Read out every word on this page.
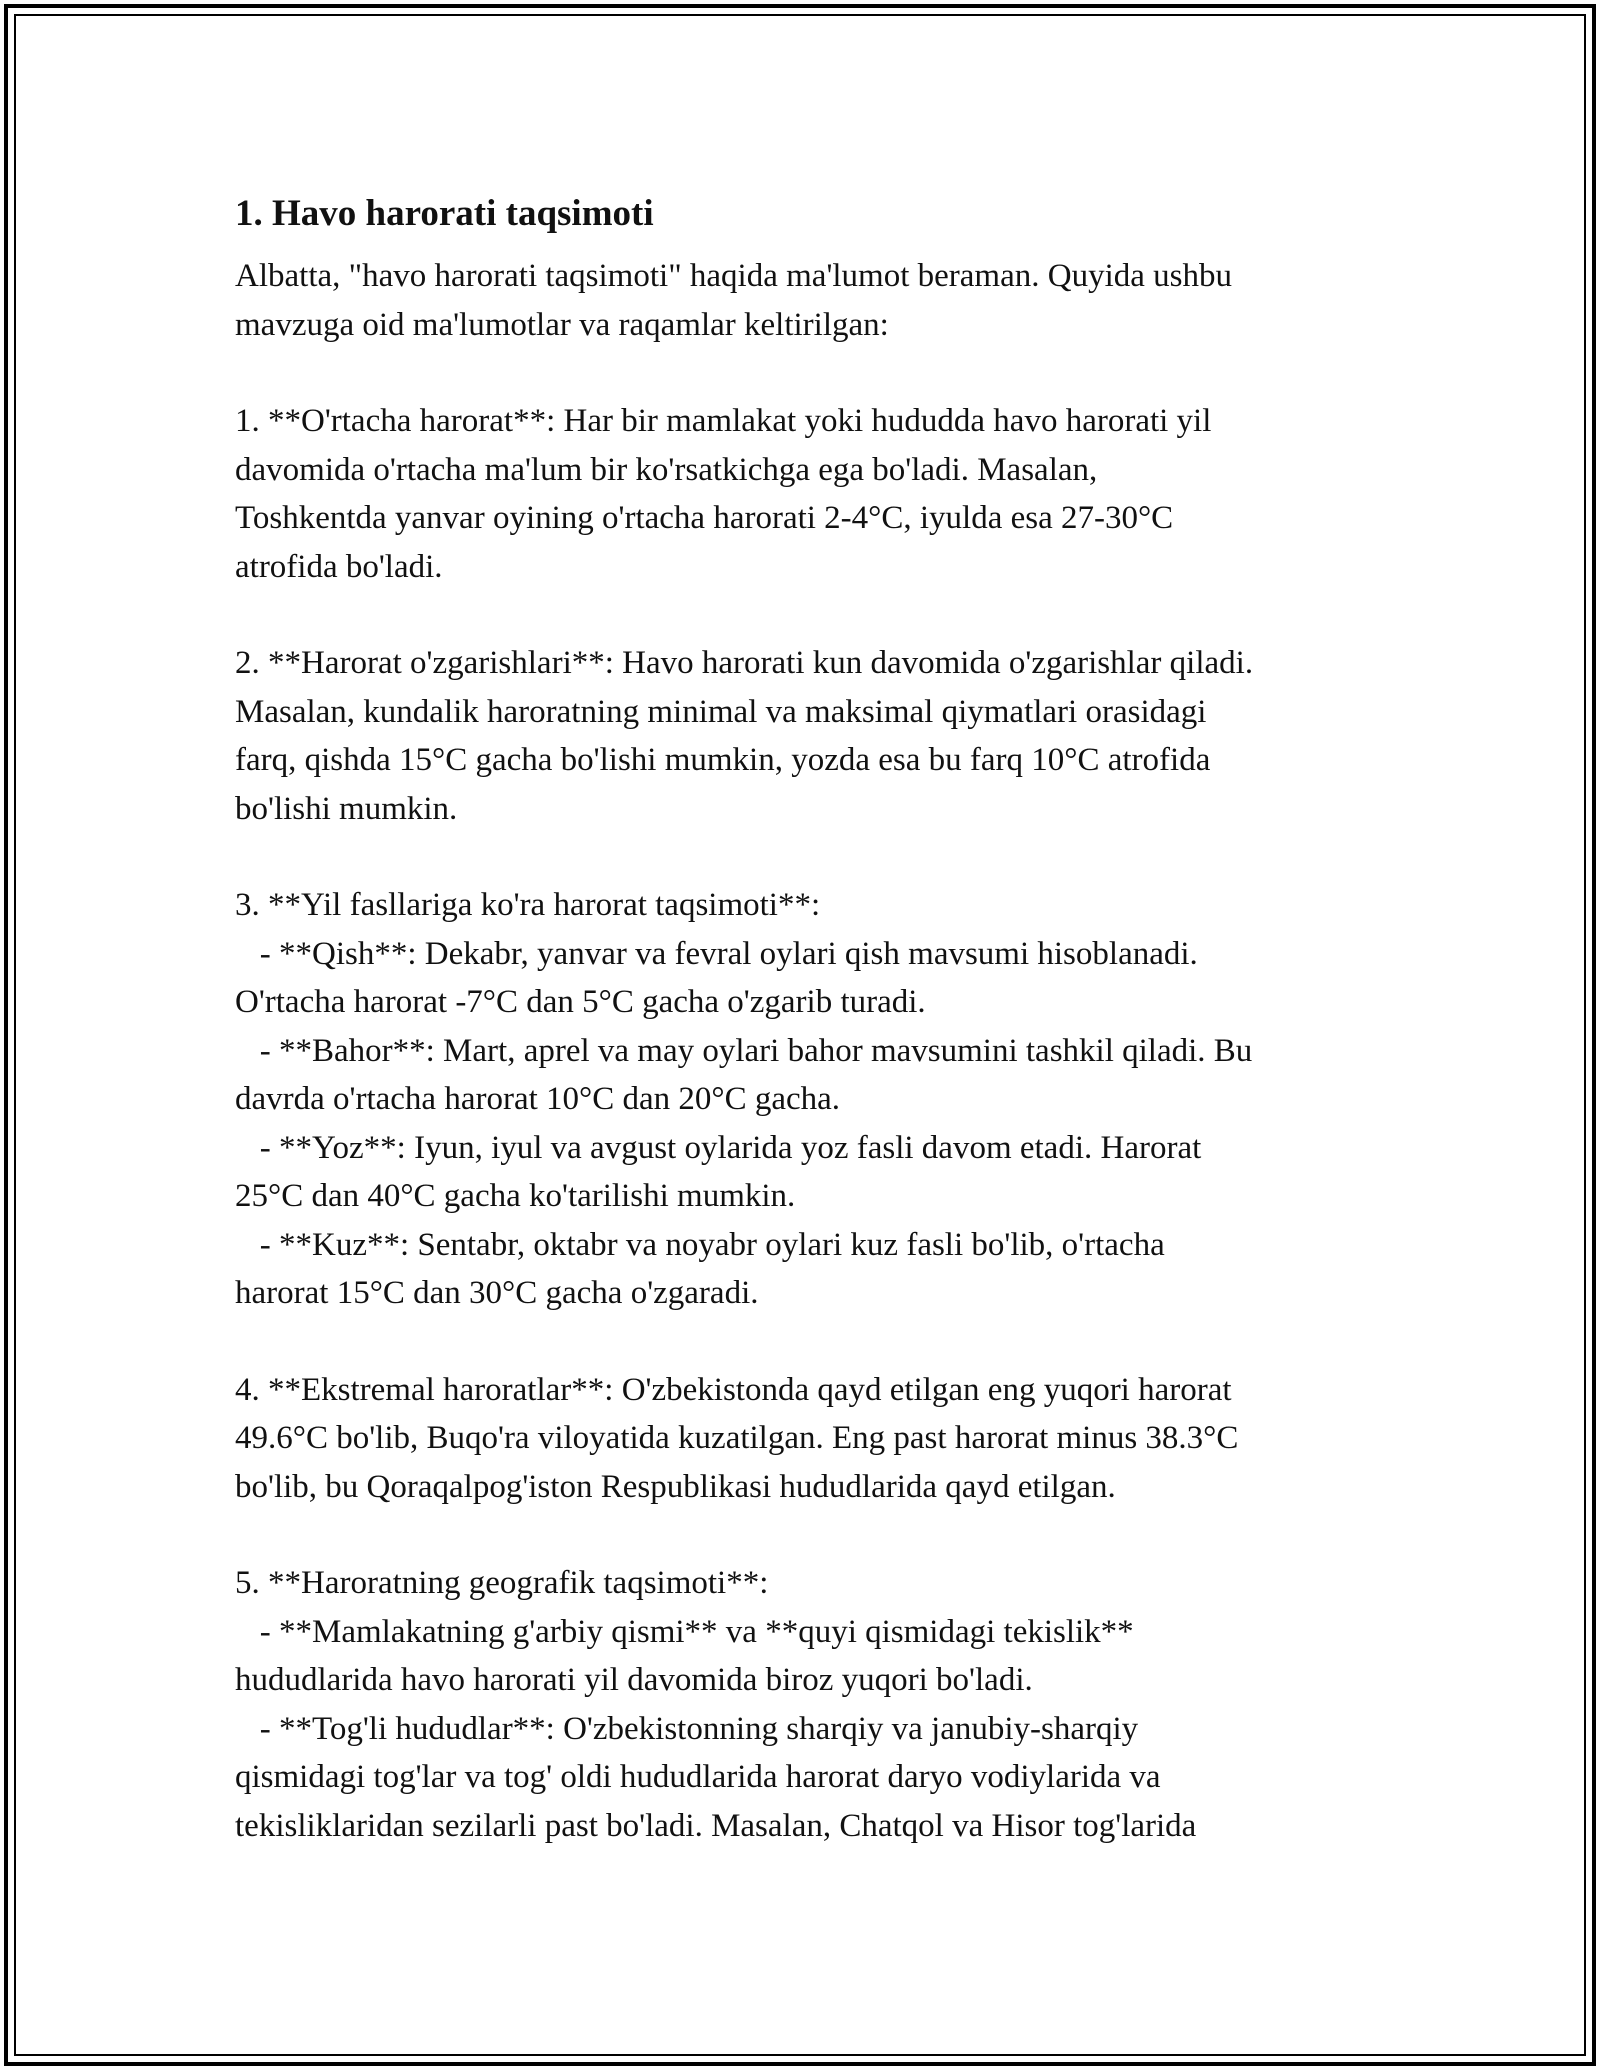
1. Havo harorati taqsimoti
Albatta, "havo harorati taqsimoti" haqida ma'lumot beraman. Quyida ushbu
mavzuga oid ma'lumotlar va raqamlar keltirilgan:
1. **O'rtacha harorat**: Har bir mamlakat yoki hududda havo harorati yil
davomida o'rtacha ma'lum bir ko'rsatkichga ega bo'ladi. Masalan,
Toshkentda yanvar oyining o'rtacha harorati 2-4°C, iyulda esa 27-30°C
atrofida bo'ladi.
2. **Harorat o'zgarishlari**: Havo harorati kun davomida o'zgarishlar qiladi.
Masalan, kundalik haroratning minimal va maksimal qiymatlari orasidagi
farq, qishda 15°C gacha bo'lishi mumkin, yozda esa bu farq 10°C atrofida
bo'lishi mumkin.
3. **Yil fasllariga ko'ra harorat taqsimoti**:
- **Qish**: Dekabr, yanvar va fevral oylari qish mavsumi hisoblanadi.
O'rtacha harorat -7°C dan 5°C gacha o'zgarib turadi.
- **Bahor**: Mart, aprel va may oylari bahor mavsumini tashkil qiladi. Bu
davrda o'rtacha harorat 10°C dan 20°C gacha.
- **Yoz**: Iyun, iyul va avgust oylarida yoz fasli davom etadi. Harorat
25°C dan 40°C gacha ko'tarilishi mumkin.
- **Kuz**: Sentabr, oktabr va noyabr oylari kuz fasli bo'lib, o'rtacha
harorat 15°C dan 30°C gacha o'zgaradi.
4. **Ekstremal haroratlar**: O'zbekistonda qayd etilgan eng yuqori harorat
49.6°C bo'lib, Buqo'ra viloyatida kuzatilgan. Eng past harorat minus 38.3°C
bo'lib, bu Qoraqalpog'iston Respublikasi hududlarida qayd etilgan.
5. **Haroratning geografik taqsimoti**:
- **Mamlakatning g'arbiy qismi** va **quyi qismidagi tekislik**
hududlarida havo harorati yil davomida biroz yuqori bo'ladi.
- **Tog'li hududlar**: O'zbekistonning sharqiy va janubiy-sharqiy
qismidagi tog'lar va tog' oldi hududlarida harorat daryo vodiylarida va
tekisliklaridan sezilarli past bo'ladi. Masalan, Chatqol va Hisor tog'larida
